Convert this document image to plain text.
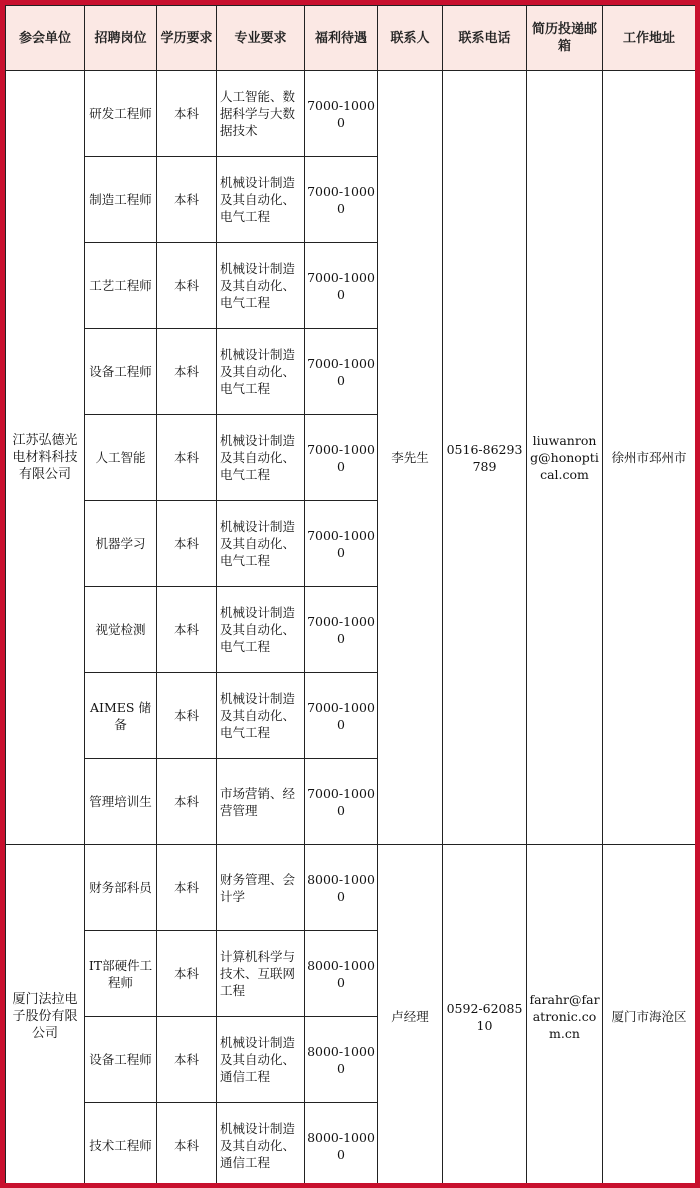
参会单位	招聘岗位	学历要求	专业要求	福利待遇	联系人	联系电话	简历投递邮箱	工作地址
江苏弘德光电材料科技有限公司	研发工程师	本科	人工智能、数据科学与大数据技术	7000-10000	李先生	0516-86293789	liuwanrong@honoptical.com	徐州市邳州市
	制造工程师	本科	机械设计制造及其自动化、电气工程	7000-10000				
	工艺工程师	本科	机械设计制造及其自动化、电气工程	7000-10000				
	设备工程师	本科	机械设计制造及其自动化、电气工程	7000-10000				
	人工智能	本科	机械设计制造及其自动化、电气工程	7000-10000				
	机器学习	本科	机械设计制造及其自动化、电气工程	7000-10000				
	视觉检测	本科	机械设计制造及其自动化、电气工程	7000-10000				
	AIMES 储备	本科	机械设计制造及其自动化、电气工程	7000-10000				
	管理培训生	本科	市场营销、经营管理	7000-10000				
厦门法拉电子股份有限公司	财务部科员	本科	财务管理、会计学	8000-10000	卢经理	0592-6208510	farahr@faratronic.com.cn	厦门市海沧区
	IT部硬件工程师	本科	计算机科学与技术、互联网工程	8000-10000				
	设备工程师	本科	机械设计制造及其自动化、通信工程	8000-10000				
	技术工程师	本科	机械设计制造及其自动化、通信工程	8000-10000				
